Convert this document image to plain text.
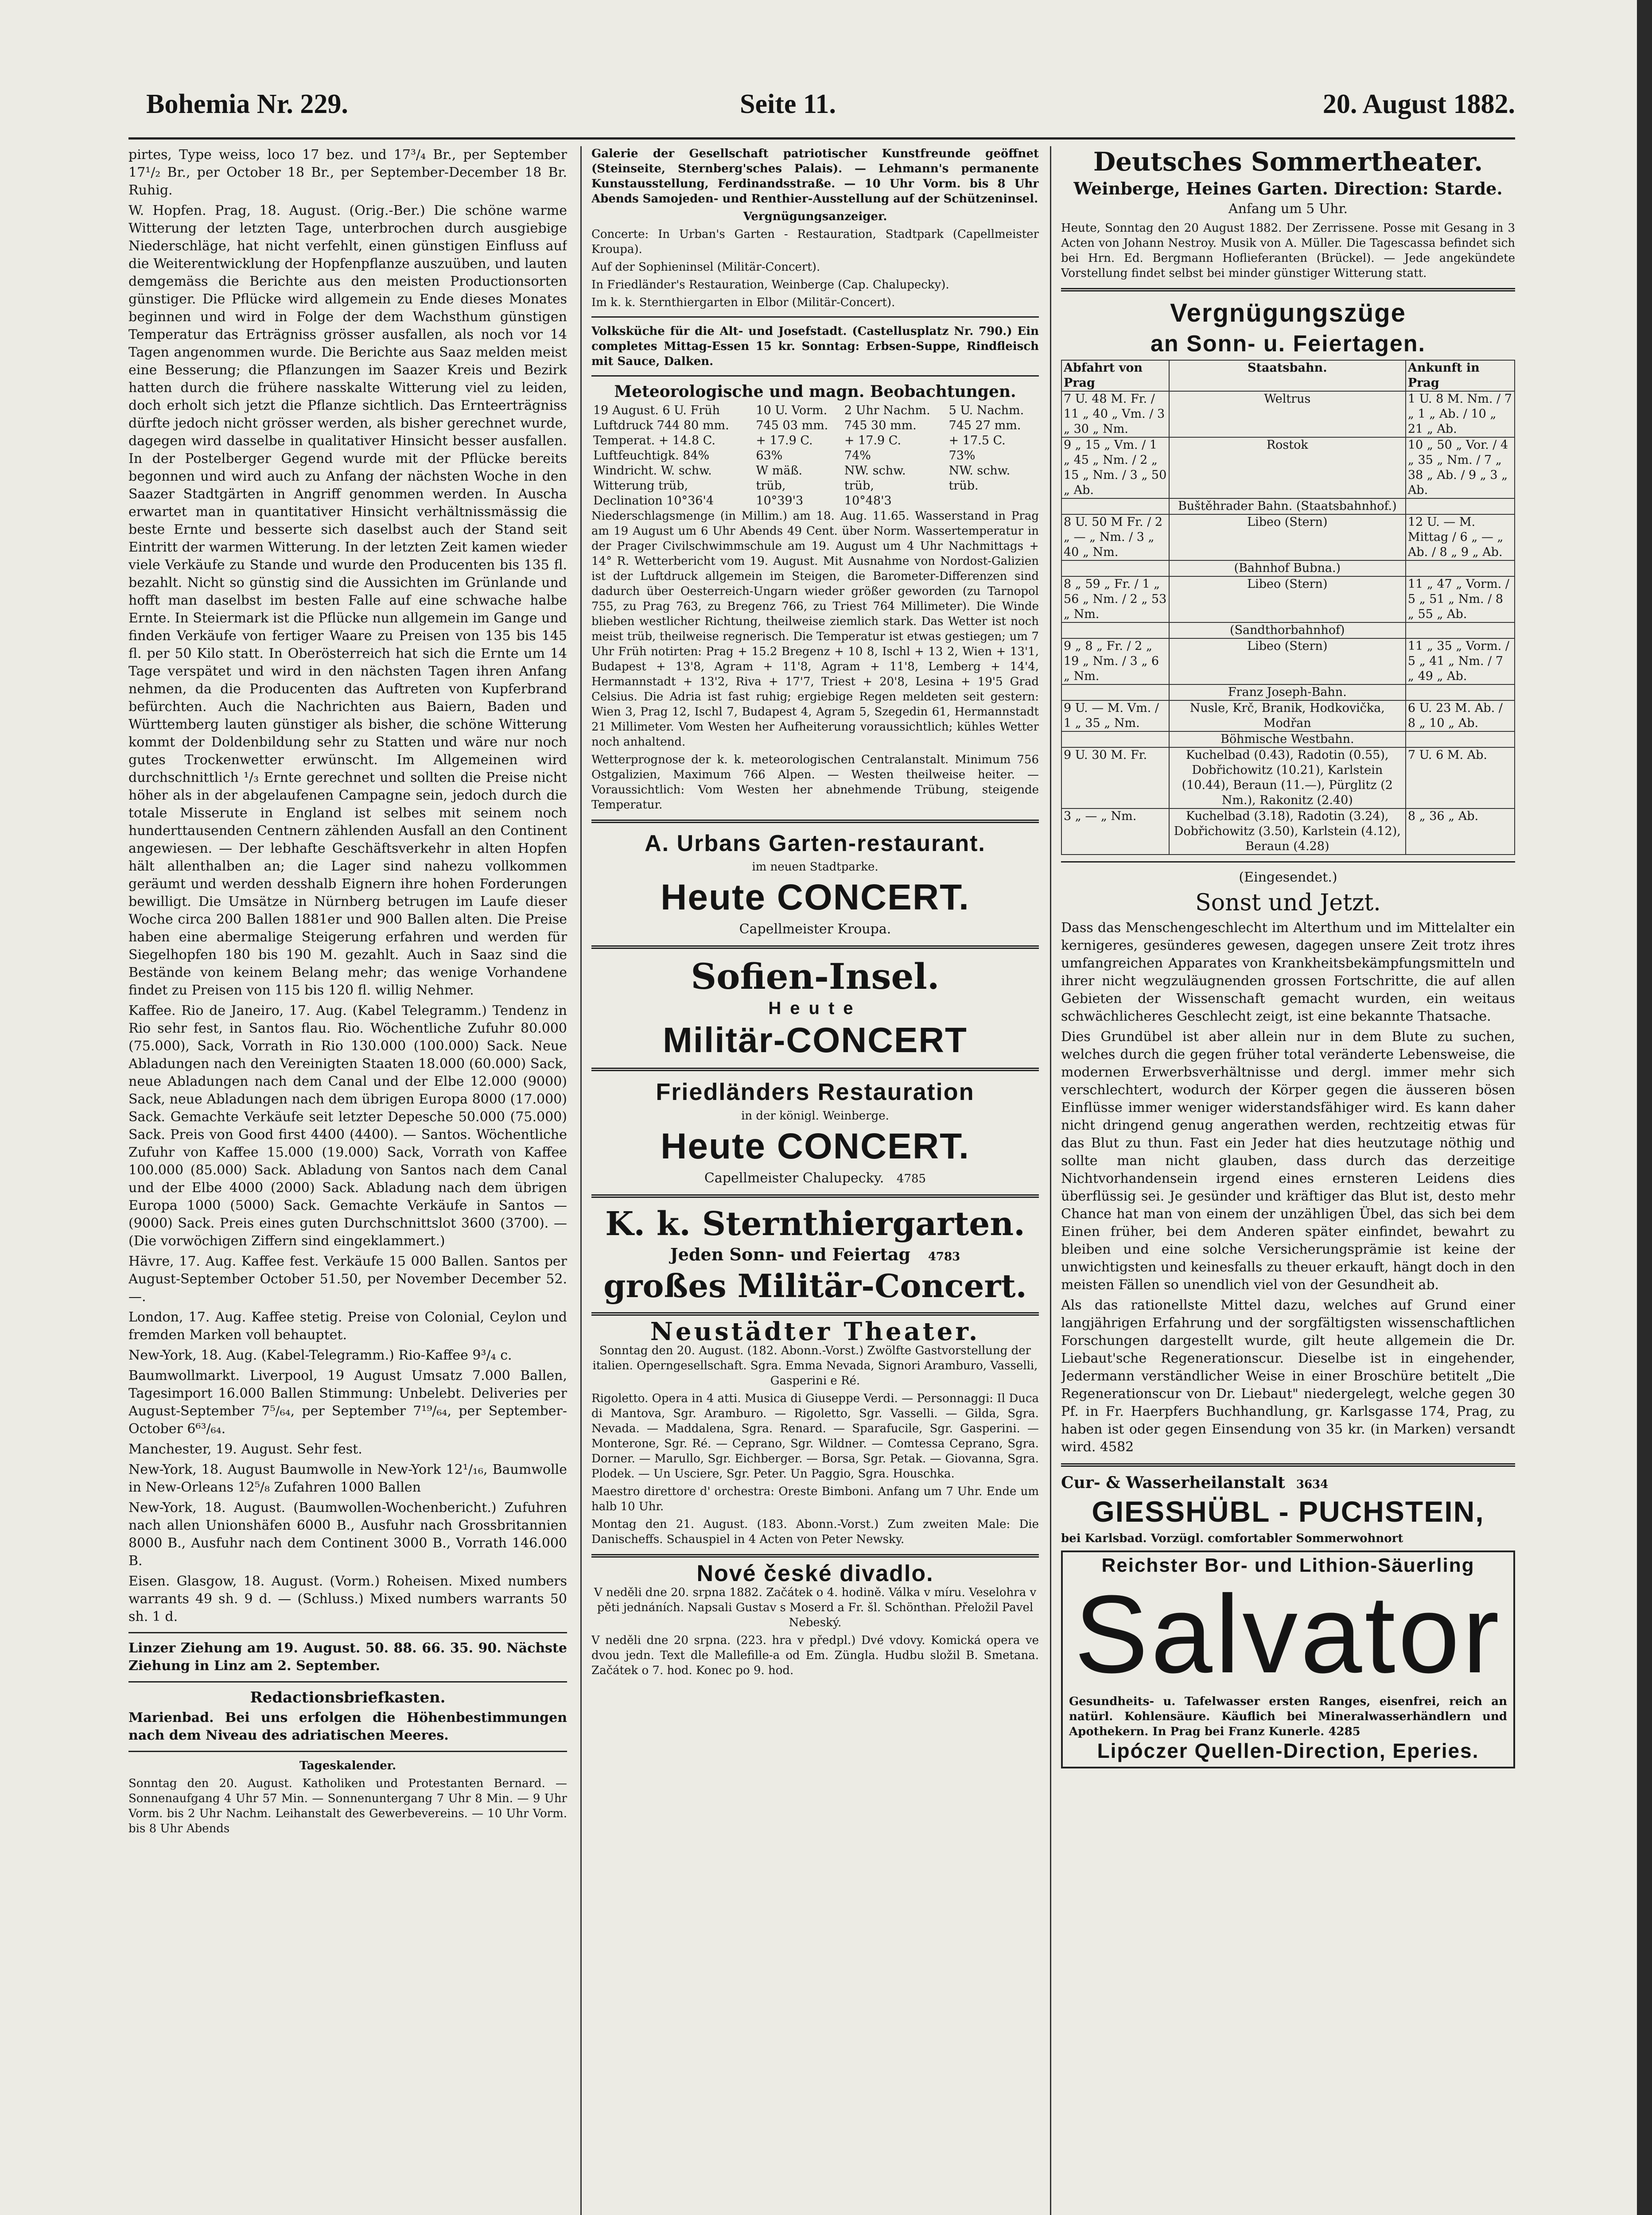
Bohemia Nr. 229.	Seite 11.	20. August 1882.

pirtes, Type weiss, loco 17 bez. und 17³/₄ Br., per September 17¹/₂ Br., per October 18 Br., per September-December 18 Br. Ruhig.

W. Hopfen. Prag, 18. August. (Orig.-Ber.) Die schöne warme Witterung der letzten Tage, unterbrochen durch ausgiebige Niederschläge, hat nicht verfehlt, einen günstigen Einfluss auf die Weiterentwicklung der Hopfenpflanze auszuüben, und lauten demgemäss die Berichte aus den meisten Productionsorten günstiger. Die Pflücke wird allgemein zu Ende dieses Monates beginnen und wird in Folge der dem Wachsthum günstigen Temperatur das Erträgniss grösser ausfallen, als noch vor 14 Tagen angenommen wurde. Die Berichte aus Saaz melden meist eine Besserung; die Pflanzungen im Saazer Kreis und Bezirk hatten durch die frühere nasskalte Witterung viel zu leiden, doch erholt sich jetzt die Pflanze sichtlich. Das Ernteerträgniss dürfte jedoch nicht grösser werden, als bisher gerechnet wurde, dagegen wird dasselbe in qualitativer Hinsicht besser ausfallen. In der Postelberger Gegend wurde mit der Pflücke bereits begonnen und wird auch zu Anfang der nächsten Woche in den Saazer Stadtgärten in Angriff genommen werden. In Auscha erwartet man in quantitativer Hinsicht verhältnissmässig die beste Ernte und besserte sich daselbst auch der Stand seit Eintritt der warmen Witterung. In der letzten Zeit kamen wieder viele Verkäufe zu Stande und wurde den Producenten bis 135 fl. bezahlt. Nicht so günstig sind die Aussichten im Grünlande und hofft man daselbst im besten Falle auf eine schwache halbe Ernte. In Steiermark ist die Pflücke nun allgemein im Gange und finden Verkäufe von fertiger Waare zu Preisen von 135 bis 145 fl. per 50 Kilo statt. In Oberösterreich hat sich die Ernte um 14 Tage verspätet und wird in den nächsten Tagen ihren Anfang nehmen, da die Producenten das Auftreten von Kupferbrand befürchten. Auch die Nachrichten aus Baiern, Baden und Württemberg lauten günstiger als bisher, die schöne Witterung kommt der Doldenbildung sehr zu Statten und wäre nur noch gutes Trockenwetter erwünscht. Im Allgemeinen wird durchschnittlich ¹/₃ Ernte gerechnet und sollten die Preise nicht höher als in der abgelaufenen Campagne sein, jedoch durch die totale Misserute in England ist selbes mit seinem noch hunderttausenden Centnern zählenden Ausfall an den Continent angewiesen. — Der lebhafte Geschäftsverkehr in alten Hopfen hält allenthalben an; die Lager sind nahezu vollkommen geräumt und werden desshalb Eignern ihre hohen Forderungen bewilligt. Die Umsätze in Nürnberg betrugen im Laufe dieser Woche circa 200 Ballen 1881er und 900 Ballen alten. Die Preise haben eine abermalige Steigerung erfahren und werden für Siegelhopfen 180 bis 190 M. gezahlt. Auch in Saaz sind die Bestände von keinem Belang mehr; das wenige Vorhandene findet zu Preisen von 115 bis 120 fl. willig Nehmer.

Kaffee. Rio de Janeiro, 17. Aug. (Kabel Telegramm.) Tendenz in Rio sehr fest, in Santos flau. Rio. Wöchentliche Zufuhr 80.000 (75.000), Sack, Vorrath in Rio 130.000 (100.000) Sack. Neue Abladungen nach den Vereinigten Staaten 18.000 (60.000) Sack, neue Abladungen nach dem Canal und der Elbe 12.000 (9000) Sack, neue Abladungen nach dem übrigen Europa 8000 (17.000) Sack. Gemachte Verkäufe seit letzter Depesche 50.000 (75.000) Sack. Preis von Good first 4400 (4400). — Santos. Wöchentliche Zufuhr von Kaffee 15.000 (19.000) Sack, Vorrath von Kaffee 100.000 (85.000) Sack. Abladung von Santos nach dem Canal und der Elbe 4000 (2000) Sack. Abladung nach dem übrigen Europa 1000 (5000) Sack. Gemachte Verkäufe in Santos — (9000) Sack. Preis eines guten Durchschnittslot 3600 (3700). — (Die vorwöchigen Ziffern sind eingeklammert.)

Hävre, 17. Aug. Kaffee fest. Verkäufe 15 000 Ballen. Santos per August-September October 51.50, per November December 52.—.

London, 17. Aug. Kaffee stetig. Preise von Colonial, Ceylon und fremden Marken voll behauptet.

New-York, 18. Aug. (Kabel-Telegramm.) Rio-Kaffee 9³/₄ c.

Baumwollmarkt. Liverpool, 19 August Umsatz 7.000 Ballen, Tagesimport 16.000 Ballen Stimmung: Unbelebt. Deliveries per August-September 7⁵/₆₄, per September 7¹⁹/₆₄, per September-October 6⁶³/₆₄.

Manchester, 19. August. Sehr fest.

New-York, 18. August Baumwolle in New-York 12¹/₁₆, Baumwolle in New-Orleans 12⁵/₈ Zufahren 1000 Ballen

New-York, 18. August. (Baumwollen-Wochenbericht.) Zufuhren nach allen Unionshäfen 6000 B., Ausfuhr nach Grossbritannien 8000 B., Ausfuhr nach dem Continent 3000 B., Vorrath 146.000 B.

Eisen. Glasgow, 18. August. (Vorm.) Roheisen. Mixed numbers warrants 49 sh. 9 d. — (Schluss.) Mixed numbers warrants 50 sh. 1 d.

Linzer Ziehung am 19. August. 50. 88. 66. 35. 90. Nächste Ziehung in Linz am 2. September.

Redactionsbriefkasten.

Marienbad. Bei uns erfolgen die Höhenbestimmungen nach dem Niveau des adriatischen Meeres.

Tageskalender.

Sonntag den 20. August. Katholiken und Protestanten Bernard. — Sonnenaufgang 4 Uhr 57 Min. — Sonnenuntergang 7 Uhr 8 Min. — 9 Uhr Vorm. bis 2 Uhr Nachm. Leihanstalt des Gewerbevereins. — 10 Uhr Vorm. bis 8 Uhr Abends

Galerie der Gesellschaft patriotischer Kunstfreunde geöffnet (Steinseite, Sternberg'sches Palais). — Lehmann's permanente Kunstausstellung, Ferdinandsstraße. — 10 Uhr Vorm. bis 8 Uhr Abends Samojeden- und Renthier-Ausstellung auf der Schützeninsel.

Vergnügungsanzeiger.

Concerte: In Urban's Garten - Restauration, Stadtpark (Capellmeister Kroupa).

Auf der Sophieninsel (Militär-Concert).

In Friedländer's Restauration, Weinberge (Cap. Chalupecky).

Im k. k. Sternthiergarten in Elbor (Militär-Concert).

Volksküche für die Alt- und Josefstadt. (Castellusplatz Nr. 790.) Ein completes Mittag-Essen 15 kr. Sonntag: Erbsen-Suppe, Rindfleisch mit Sauce, Dalken.

Meteorologische und magn. Beobachtungen.

19 August. 6 U. Früh	10 U. Vorm.	2 Uhr Nachm.	5 U. Nachm.
Luftdruck 744 80 mm.	745 03 mm.	745 30 mm.	745 27 mm.
Temperat. + 14.8 C.	+ 17.9 C.	+ 17.9 C.	+ 17.5 C.
Luftfeuchtigk. 84%	63%	74%	73%
Windricht. W. schw.	W mäß.	NW. schw.	NW. schw.
Witterung trüb,	trüb,	trüb,	trüb.
Declination 10°36'4	10°39'3	10°48'3	

Niederschlagsmenge (in Millim.) am 18. Aug. 11.65. Wasserstand in Prag am 19 August um 6 Uhr Abends 49 Cent. über Norm. Wassertemperatur in der Prager Civilschwimmschule am 19. August um 4 Uhr Nachmittags + 14° R. Wetterbericht vom 19. August. Mit Ausnahme von Nordost-Galizien ist der Luftdruck allgemein im Steigen, die Barometer-Differenzen sind dadurch über Oesterreich-Ungarn wieder größer geworden (zu Tarnopol 755, zu Prag 763, zu Bregenz 766, zu Triest 764 Millimeter). Die Winde blieben westlicher Richtung, theilweise ziemlich stark. Das Wetter ist noch meist trüb, theilweise regnerisch. Die Temperatur ist etwas gestiegen; um 7 Uhr Früh notirten: Prag + 15.2 Bregenz + 10 8, Ischl + 13 2, Wien + 13'1, Budapest + 13'8, Agram + 11'8, Agram + 11'8, Lemberg + 14'4, Hermannstadt + 13'2, Riva + 17'7, Triest + 20'8, Lesina + 19'5 Grad Celsius. Die Adria ist fast ruhig; ergiebige Regen meldeten seit gestern: Wien 3, Prag 12, Ischl 7, Budapest 4, Agram 5, Szegedin 61, Hermannstadt 21 Millimeter. Vom Westen her Aufheiterung voraussichtlich; kühles Wetter noch anhaltend.

Wetterprognose der k. k. meteorologischen Centralanstalt. Minimum 756 Ostgalizien, Maximum 766 Alpen. — Westen theilweise heiter. — Voraussichtlich: Vom Westen her abnehmende Trübung, steigende Temperatur.

A. Urbans Garten-restaurant.

im neuen Stadtparke.

Heute CONCERT.

Capellmeister Kroupa.

Sofien-Insel.

Heute

Militär-CONCERT

Friedländers Restauration

in der königl. Weinberge.

Heute CONCERT.

Capellmeister Chalupecky. 4785

K. k. Sternthiergarten.

Jeden Sonn- und Feiertag 4783

großes Militär-Concert.

Neustädter Theater.

Sonntag den 20. August. (182. Abonn.-Vorst.) Zwölfte Gastvorstellung der italien. Operngesellschaft. Sgra. Emma Nevada, Signori Aramburo, Vasselli, Gasperini e Ré.

Rigoletto. Opera in 4 atti. Musica di Giuseppe Verdi. — Personnaggi: Il Duca di Mantova, Sgr. Aramburo. — Rigoletto, Sgr. Vasselli. — Gilda, Sgra. Nevada. — Maddalena, Sgra. Renard. — Sparafucile, Sgr. Gasperini. — Monterone, Sgr. Ré. — Ceprano, Sgr. Wildner. — Comtessa Ceprano, Sgra. Dorner. — Marullo, Sgr. Eichberger. — Borsa, Sgr. Petak. — Giovanna, Sgra. Plodek. — Un Usciere, Sgr. Peter. Un Paggio, Sgra. Houschka.

Maestro direttore d' orchestra: Oreste Bimboni. Anfang um 7 Uhr. Ende um halb 10 Uhr.

Montag den 21. August. (183. Abonn.-Vorst.) Zum zweiten Male: Die Danischeffs. Schauspiel in 4 Acten von Peter Newsky.

Nové české divadlo.

V neděli dne 20. srpna 1882. Začátek o 4. hodině. Válka v míru. Veselohra v pěti jednáních. Napsali Gustav s Moserd a Fr. šl. Schönthan. Přeložil Pavel Nebeský.

V neděli dne 20 srpna. (223. hra v předpl.) Dvé vdovy. Komická opera ve dvou jedn. Text dle Mallefille-a od Em. Züngla. Hudbu složil B. Smetana. Začátek o 7. hod. Konec po 9. hod.

Deutsches Sommertheater.

Weinberge, Heines Garten. Direction: Starde.

Anfang um 5 Uhr.

Heute, Sonntag den 20 August 1882. Der Zerrissene. Posse mit Gesang in 3 Acten von Johann Nestroy. Musik von A. Müller. Die Tagescassa befindet sich bei Hrn. Ed. Bergmann Hoflieferanten (Brückel). — Jede angekündete Vorstellung findet selbst bei minder günstiger Witterung statt.

Vergnügungszüge

an Sonn- u. Feiertagen.

Abfahrt von Prag	Staatsbahn.	Ankunft in Prag
7 U. 48 M. Fr. / 11 „ 40 „ Vm. / 3 „ 30 „ Nm.	Weltrus	1 U. 8 M. Nm. / 7 „ 1 „ Ab. / 10 „ 21 „ Ab.
9 „ 15 „ Vm. / 1 „ 45 „ Nm. / 2 „ 15 „ Nm. / 3 „ 50 „ Ab.	Rostok	10 „ 50 „ Vor. / 4 „ 35 „ Nm. / 7 „ 38 „ Ab. / 9 „ 3 „ Ab.
	Buštěhrader Bahn. (Staatsbahnhof.)	
8 U. 50 M Fr. / 2 „ — „ Nm. / 3 „ 40 „ Nm.	Libeo (Stern)	12 U. — M. Mittag / 6 „ — „ Ab. / 8 „ 9 „ Ab.
	(Bahnhof Bubna.)	
8 „ 59 „ Fr. / 1 „ 56 „ Nm. / 2 „ 53 „ Nm.	Libeo (Stern)	11 „ 47 „ Vorm. / 5 „ 51 „ Nm. / 8 „ 55 „ Ab.
	(Sandthorbahnhof)	
9 „ 8 „ Fr. / 2 „ 19 „ Nm. / 3 „ 6 „ Nm.	Libeo (Stern)	11 „ 35 „ Vorm. / 5 „ 41 „ Nm. / 7 „ 49 „ Ab.
	Franz Joseph-Bahn.	
9 U. — M. Vm. / 1 „ 35 „ Nm.	Nusle, Krč, Branik, Hodkovička, Modřan	6 U. 23 M. Ab. / 8 „ 10 „ Ab.
	Böhmische Westbahn.	
9 U. 30 M. Fr.	Kuchelbad (0.43), Radotin (0.55), Dobřichowitz (10.21), Karlstein (10.44), Beraun (11.—), Pürglitz (2 Nm.), Rakonitz (2.40)	7 U. 6 M. Ab.
3 „ — „ Nm.	Kuchelbad (3.18), Radotin (3.24), Dobřichowitz (3.50), Karlstein (4.12), Beraun (4.28)	8 „ 36 „ Ab.

(Eingesendet.)

Sonst und Jetzt.

Dass das Menschengeschlecht im Alterthum und im Mittelalter ein kernigeres, gesünderes gewesen, dagegen unsere Zeit trotz ihres umfangreichen Apparates von Krankheitsbekämpfungsmitteln und ihrer nicht wegzuläugnenden grossen Fortschritte, die auf allen Gebieten der Wissenschaft gemacht wurden, ein weitaus schwächlicheres Geschlecht zeigt, ist eine bekannte Thatsache.

Dies Grundübel ist aber allein nur in dem Blute zu suchen, welches durch die gegen früher total veränderte Lebensweise, die modernen Erwerbsverhältnisse und dergl. immer mehr sich verschlechtert, wodurch der Körper gegen die äusseren bösen Einflüsse immer weniger widerstandsfähiger wird. Es kann daher nicht dringend genug angerathen werden, rechtzeitig etwas für das Blut zu thun. Fast ein Jeder hat dies heutzutage nöthig und sollte man nicht glauben, dass durch das derzeitige Nichtvorhandensein irgend eines ernsteren Leidens dies überflüssig sei. Je gesünder und kräftiger das Blut ist, desto mehr Chance hat man von einem der unzähligen Übel, das sich bei dem Einen früher, bei dem Anderen später einfindet, bewahrt zu bleiben und eine solche Versicherungsprämie ist keine der unwichtigsten und keinesfalls zu theuer erkauft, hängt doch in den meisten Fällen so unendlich viel von der Gesundheit ab.

Als das rationellste Mittel dazu, welches auf Grund einer langjährigen Erfahrung und der sorgfältigsten wissenschaftlichen Forschungen dargestellt wurde, gilt heute allgemein die Dr. Liebaut'sche Regenerationscur. Dieselbe ist in eingehender, Jedermann verständlicher Weise in einer Broschüre betitelt „Die Regenerationscur von Dr. Liebaut" niedergelegt, welche gegen 30 Pf. in Fr. Haerpfers Buchhandlung, gr. Karlsgasse 174, Prag, zu haben ist oder gegen Einsendung von 35 kr. (in Marken) versandt wird. 4582

Cur- & Wasserheilanstalt 3634

GIESSHÜBL - PUCHSTEIN,

bei Karlsbad. Vorzügl. comfortabler Sommerwohnort

Reichster Bor- und Lithion-Säuerling

Salvator

Gesundheits- u. Tafelwasser ersten Ranges, eisenfrei, reich an natürl. Kohlensäure. Käuflich bei Mineralwasserhändlern und Apothekern. In Prag bei Franz Kunerle. 4285

Lipóczer Quellen-Direction, Eperies.
